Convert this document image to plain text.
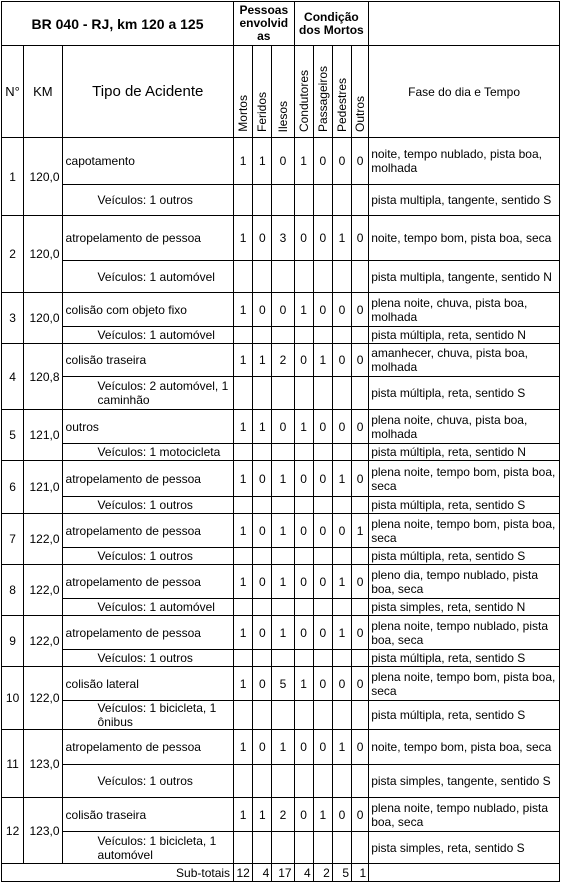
BR 040 - RJ, km 120 a 125			Pessoas envolvid as			Condição dos Mortos				
N°	KM	Tipo de Acidente	Mortos	Feridos	Ilesos	Condutores	Passageiros	Pedestres	Outros	Fase do dia e Tempo
1	120,0	capotamento	1	1	0	1	0	0	0	noite, tempo nublado, pista boa, molhada
		Veículos: 1 outros								pista multipla, tangente, sentido S
2	120,0	atropelamento de pessoa	1	0	3	0	0	1	0	noite, tempo bom, pista boa, seca
		Veículos: 1 automóvel								pista multipla, tangente, sentido N
3	120,0	colisão com objeto fixo	1	0	0	1	0	0	0	plena noite, chuva, pista boa, molhada
		Veículos: 1 automóvel								pista múltipla, reta, sentido N
4	120,8	colisão traseira	1	1	2	0	1	0	0	amanhecer, chuva, pista boa, molhada
		Veículos: 2 automóvel, 1 caminhão								pista múltipla, reta, sentido S
5	121,0	outros	1	1	0	1	0	0	0	plena noite, chuva, pista boa, molhada
		Veículos: 1 motocicleta								pista múltipla, reta, sentido N
6	121,0	atropelamento de pessoa	1	0	1	0	0	1	0	plena noite, tempo bom, pista boa, seca
		Veículos: 1 outros								pista múltipla, reta, sentido S
7	122,0	atropelamento de pessoa	1	0	1	0	0	0	1	plena noite, tempo bom, pista boa, seca
		Veículos: 1 outros								pista múltipla, reta, sentido S
8	122,0	atropelamento de pessoa	1	0	1	0	0	1	0	pleno dia, tempo nublado, pista boa, seca
		Veículos: 1 automóvel								pista simples, reta, sentido N
9	122,0	atropelamento de pessoa	1	0	1	0	0	1	0	plena noite, tempo nublado, pista boa, seca
		Veículos: 1 outros								pista múltipla, reta, sentido S
10	122,0	colisão lateral	1	0	5	1	0	0	0	plena noite, tempo bom, pista boa, seca
		Veículos: 1 bicicleta, 1 ônibus								pista múltipla, reta, sentido S
11	123,0	atropelamento de pessoa	1	0	1	0	0	1	0	noite, tempo bom, pista boa, seca
		Veículos: 1 outros								pista simples, tangente, sentido S
12	123,0	colisão traseira	1	1	2	0	1	0	0	plena noite, tempo nublado, pista boa, seca
		Veículos: 1 bicicleta, 1 automóvel								pista simples, reta, sentido S
Sub-totais			12	4	17	4	2	5	1	
